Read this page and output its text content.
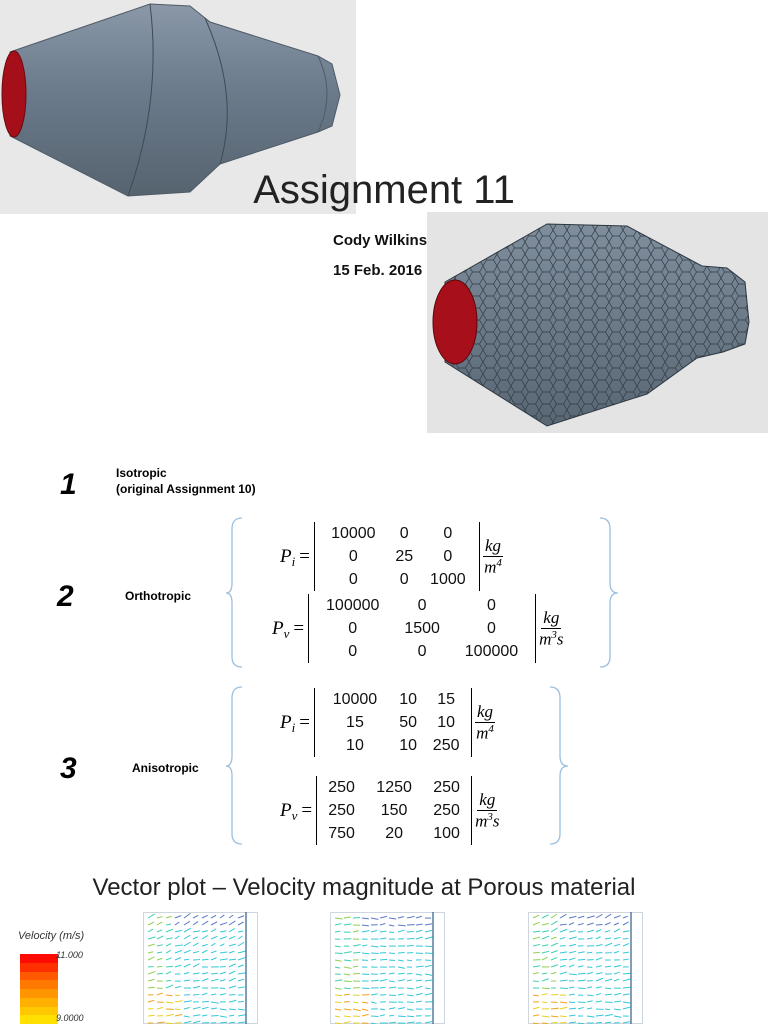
Assignment 11
Cody Wilkins
15 Feb. 2016
1	Isotropic
(original Assignment 10)
2	Orthotropic
3	Anisotropic
P i =
10000	0	0
0	25	0
0	0	1000
kg
$m^4$
P v =
100000	0	0
0	1500	0
0	0	100000
kg
$m^3s$
P i =
10000	10	15
15	50	10
10	10	250
kg
$m^4$
P v =
250	1250	250
250	150	250
750	20	100
kg
$m^3s$
Vector plot – Velocity magnitude at Porous material
Velocity (m/s)
11.000
9.0000
